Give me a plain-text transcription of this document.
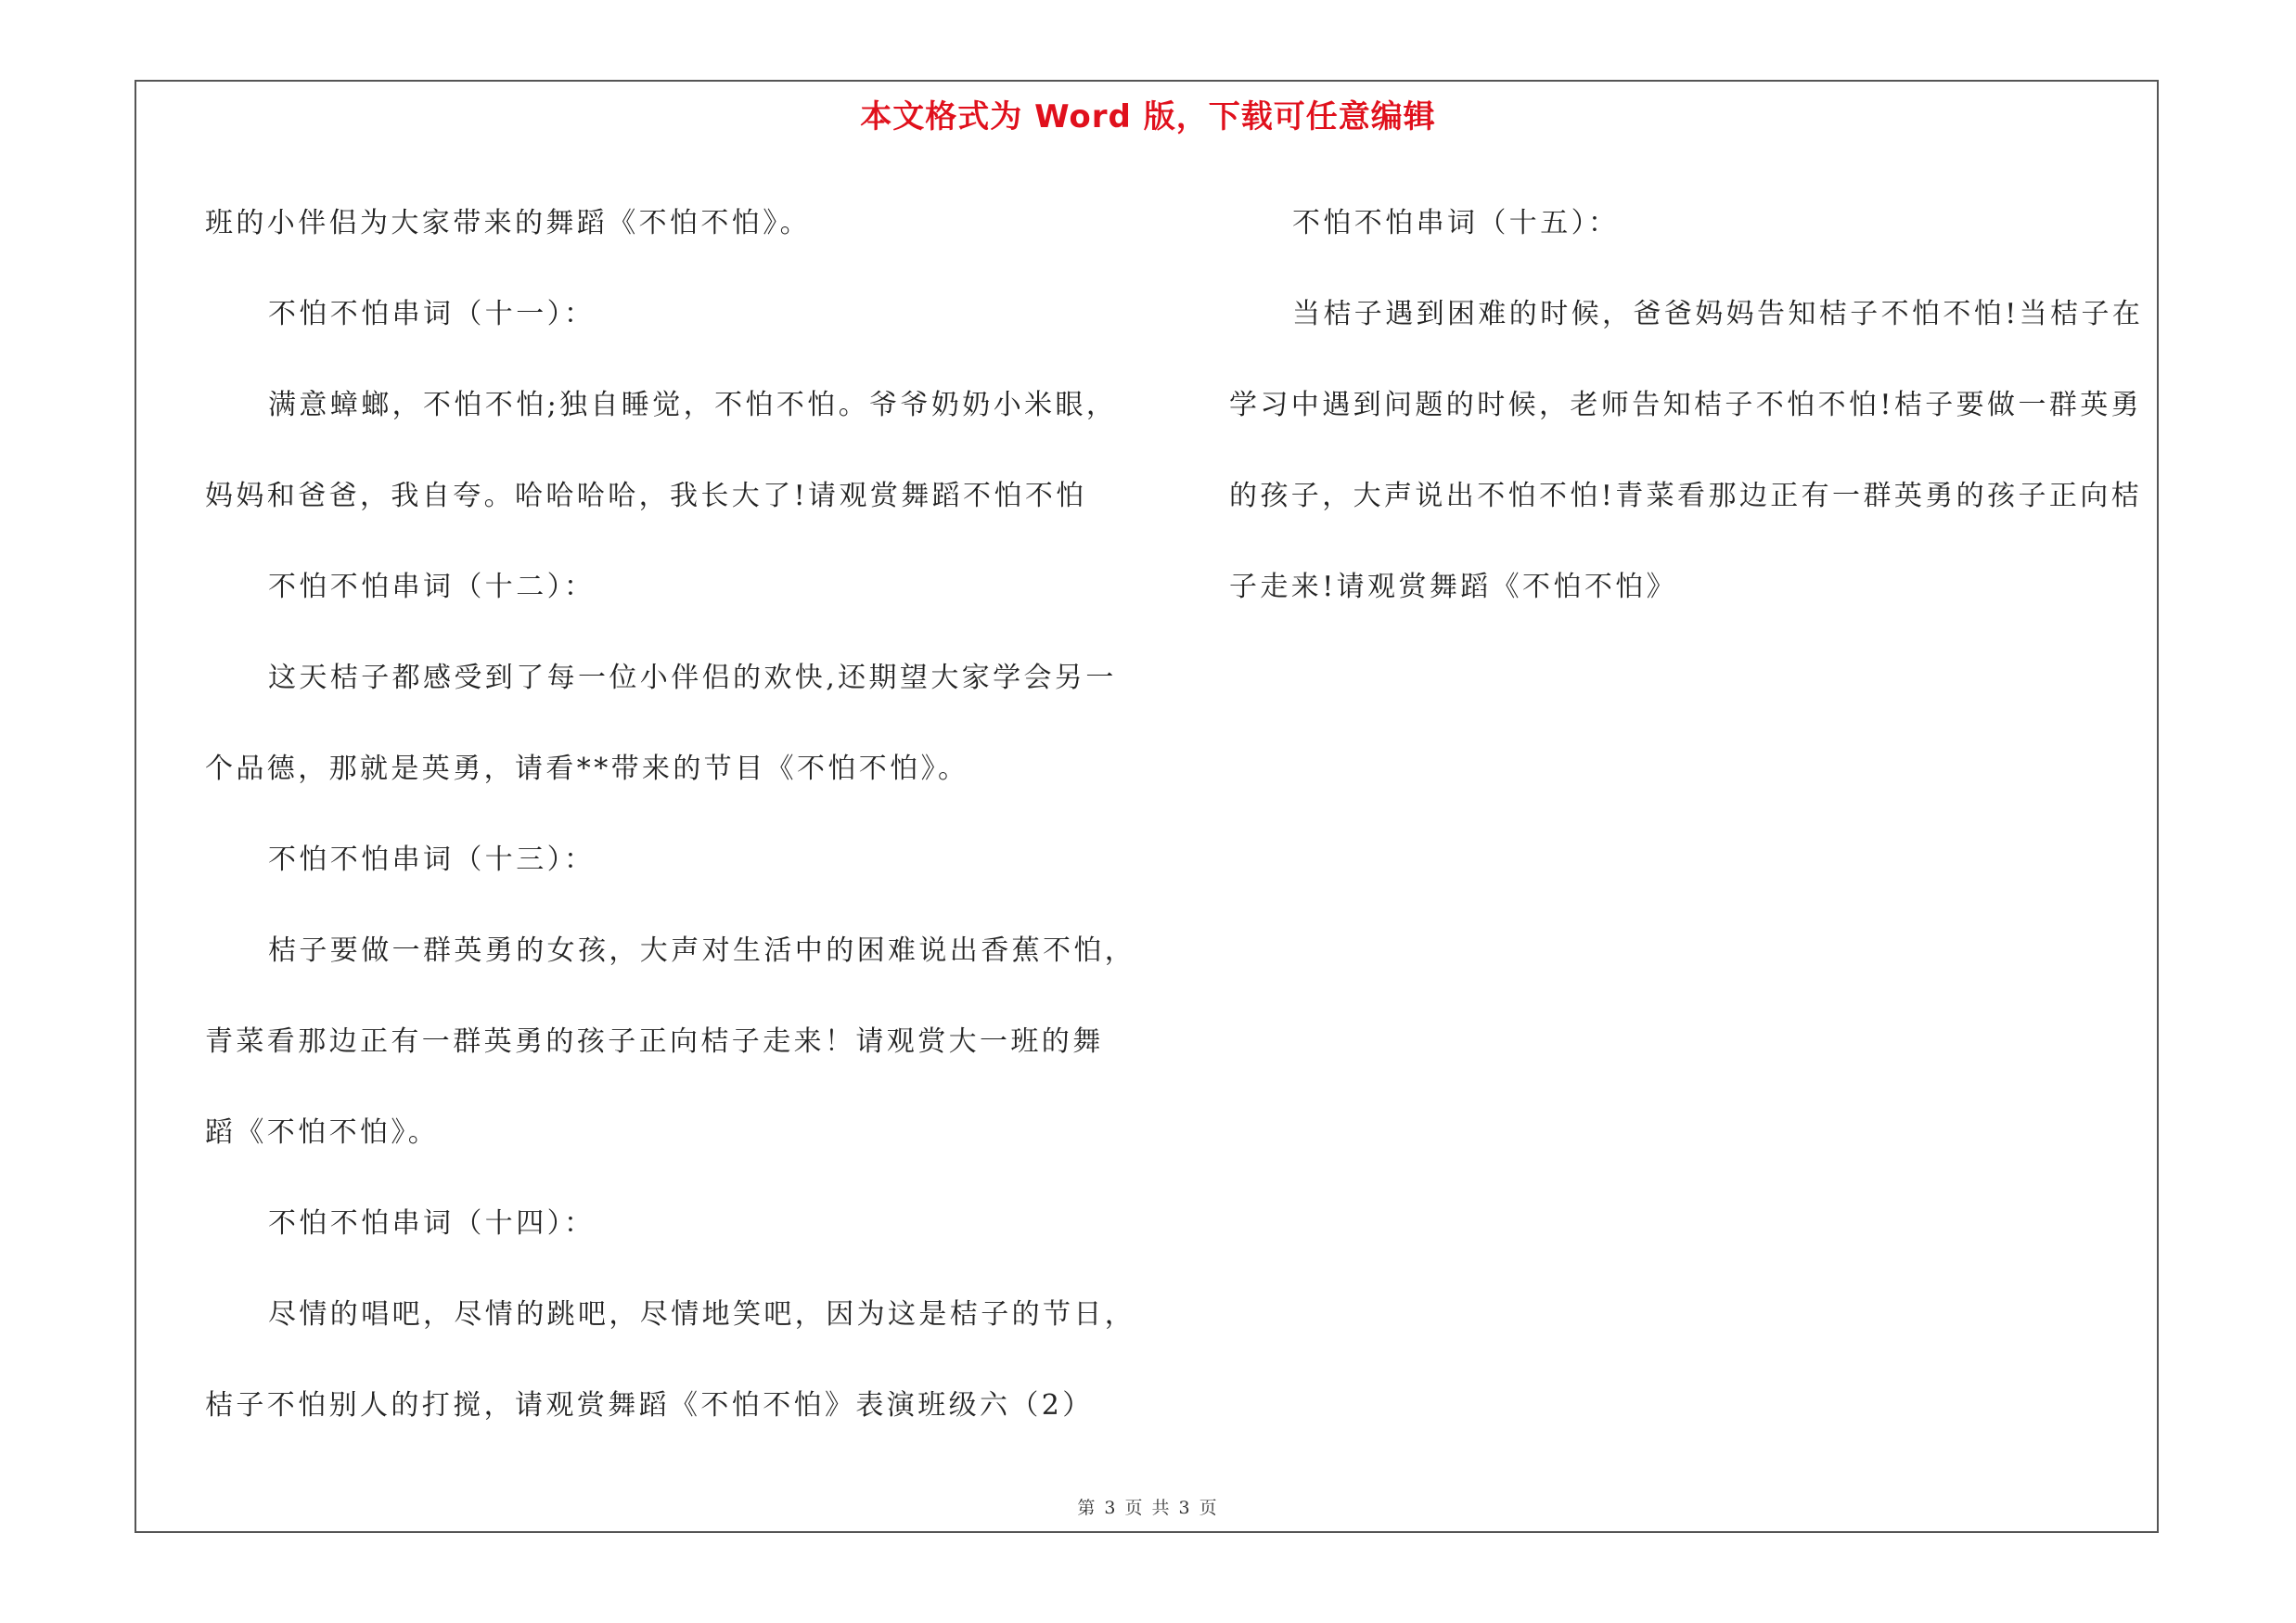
本文格式为 Word 版，下载可任意编辑

班的小伴侣为大家带来的舞蹈《不怕不怕》。

不怕不怕串词（十一）：

满意蟑螂，不怕不怕;独自睡觉，不怕不怕。爷爷奶奶小米眼，

妈妈和爸爸，我自夸。哈哈哈哈，我长大了!请观赏舞蹈不怕不怕

不怕不怕串词（十二）：

这天桔子都感受到了每一位小伴侣的欢快,还期望大家学会另一

个品德，那就是英勇，请看**带来的节目《不怕不怕》。

不怕不怕串词（十三）：

桔子要做一群英勇的女孩，大声对生活中的困难说出香蕉不怕，

青菜看那边正有一群英勇的孩子正向桔子走来！请观赏大一班的舞

蹈《不怕不怕》。

不怕不怕串词（十四）：

尽情的唱吧，尽情的跳吧，尽情地笑吧，因为这是桔子的节日，

桔子不怕别人的打搅，请观赏舞蹈《不怕不怕》表演班级六（2）

不怕不怕串词（十五）：

当桔子遇到困难的时候，爸爸妈妈告知桔子不怕不怕!当桔子在

学习中遇到问题的时候，老师告知桔子不怕不怕!桔子要做一群英勇

的孩子，大声说出不怕不怕!青菜看那边正有一群英勇的孩子正向桔

子走来!请观赏舞蹈《不怕不怕》

第 3 页 共 3 页
